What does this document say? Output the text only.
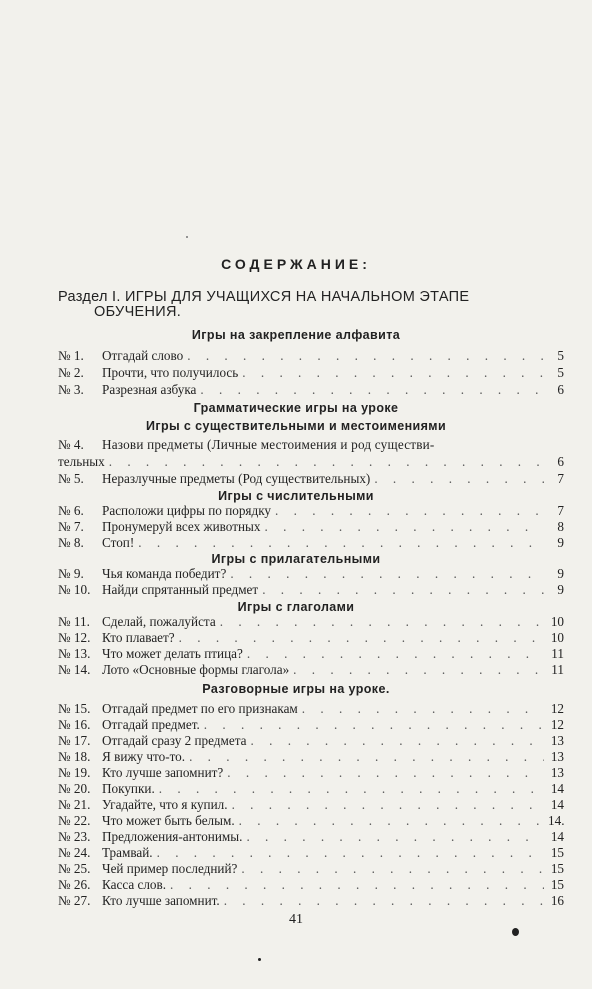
СОДЕРЖАНИЕ:
Раздел I. ИГРЫ ДЛЯ УЧАЩИХСЯ НА НАЧАЛЬНОМ ЭТАПЕ
ОБУЧЕНИЯ.
Игры на закрепление алфавита
№ 1.	Отгадай слово . . .	5
№ 2.	Прочти, что получилось . . .	5
№ 3.	Разрезная азбука . . .	6
Грамматические игры на уроке
Игры с существительными и местоимениями
№ 4.	Назови предметы (Личные местоимения и род существи-
тельных . . .	6
№ 5.	Неразлучные предметы (Род существительных) . . .	7
Игры с числительными
№ 6.	Расположи цифры по порядку . . .	7
№ 7.	Пронумеруй всех животных . . .	8
№ 8.	Стоп! . . .	9
Игры с прилагательными
№ 9.	Чья команда победит? . . .	9
№ 10. Найди спрятанный предмет . . .	9
Игры с глаголами
№ 11. Сделай, пожалуйста . . .	10
№ 12. Кто плавает? . . .	10
№ 13. Что может делать птица? . . .	11
№ 14. Лото «Основные формы глагола» . . .	11
Разговорные игры на уроке.
№ 15. Отгадай предмет по его признакам . . .	12
№ 16. Отгадай предмет. . . .	12
№ 17. Отгадай сразу 2 предмета . . .	13
№ 18. Я вижу что-то. . . .	13
№ 19. Кто лучше запомнит? . . .	13
№ 20. Покупки. . . .	14
№ 21. Угадайте, что я купил. . . .	14
№ 22. Что может быть белым. . . .	14.
№ 23. Предложения-антонимы. . . .	14
№ 24. Трамвай. . . .	15
№ 25. Чей пример последний? . . .	15
№ 26. Касса слов. . . .	15
№ 27. Кто лучше запомнит. . . .	16
41
